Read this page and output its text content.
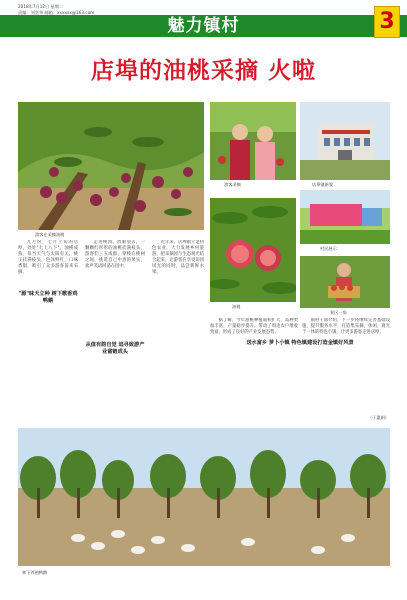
2018年7月12日 星期二
责编：刘奕华 邮箱：xxxxxx@163.com
魅力镇村	3
店埠的油桃采摘 火啦
游客在采摘油桃
游客采摘	店埠镇新貌
油桃
村民展示
景区一角
"源"味天立种 树下歌香鸡鸭鹅
从值有韵自觉 追寻致游产业富链成头
送水富乡 萝卜小镇 特色镇建设打造金镇好风景

九月份，七月上旬的店埠，处处"七上八下"，油桃成熟，每当天气与太阳有关，桃子挂满枝头，色泽鲜红，口味香甜，吸引了众多游客前来采摘。

走进桃园，放眼望去，一颗颗红彤彤的油桃挂满枝头，游客们三五成群，穿梭在桃树之间，挑选自己中意的果实，欢声笑语回荡在园中。

近年来，店埠镇立足特色农业，大力发展乡村旅游，把采摘园与生态观光结合起来，让游客在享受田园风光的同时，品尝新鲜水果。

据了解，今年油桃种植面积扩大，品种更加丰富，产量稳步提升，带动了周边农户增收致富，形成了良好的产业发展态势。

镇村干部介绍，下一步将继续完善基础设施，提升服务水平，打造集采摘、休闲、观光于一体的特色小镇，让更多游客走进店埠。

（于惠娟）
林下养殖鸭鹅
